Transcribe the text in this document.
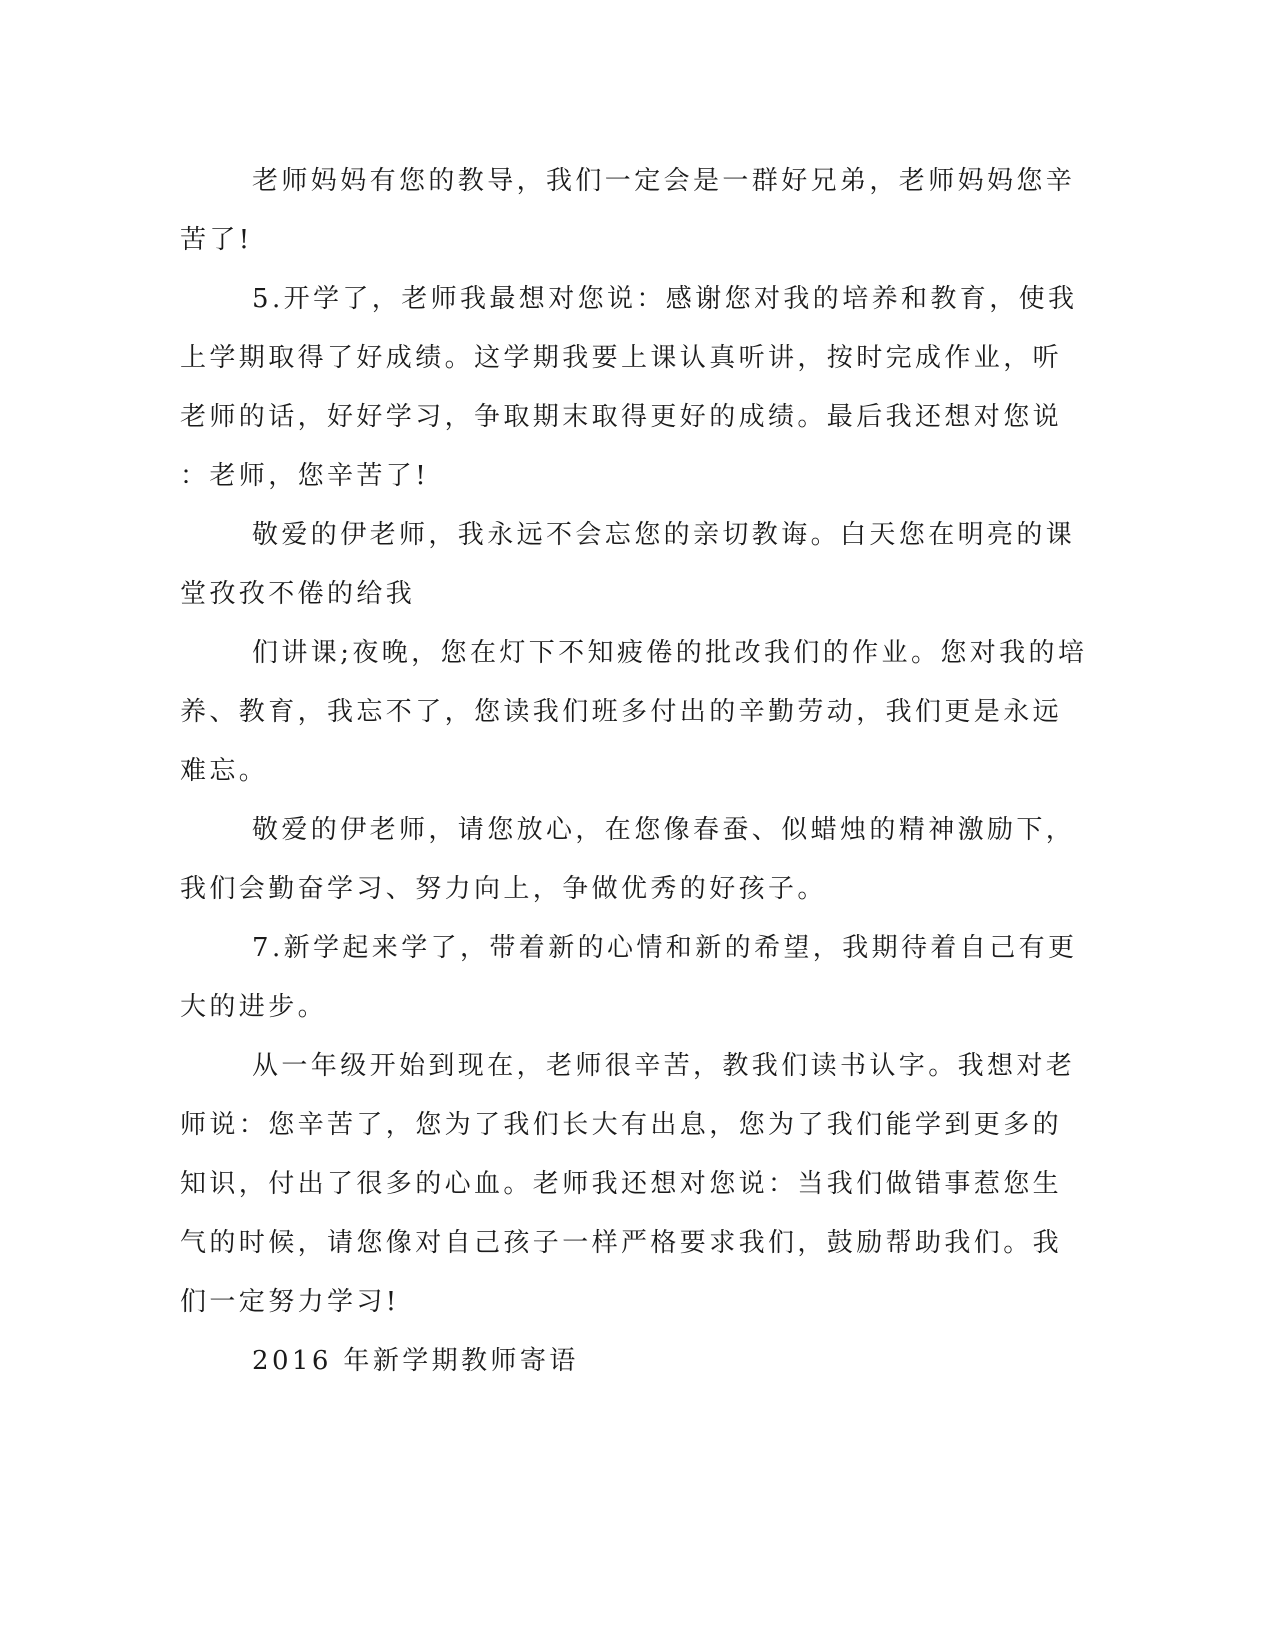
老师妈妈有您的教导，我们一定会是一群好兄弟，老师妈妈您辛
苦了!
5.开学了，老师我最想对您说：感谢您对我的培养和教育，使我
上学期取得了好成绩。这学期我要上课认真听讲，按时完成作业，听
老师的话，好好学习，争取期末取得更好的成绩。最后我还想对您说
：老师，您辛苦了!
敬爱的伊老师，我永远不会忘您的亲切教诲。白天您在明亮的课
堂孜孜不倦的给我
们讲课;夜晚，您在灯下不知疲倦的批改我们的作业。您对我的培
养、教育，我忘不了，您读我们班多付出的辛勤劳动，我们更是永远
难忘。
敬爱的伊老师，请您放心，在您像春蚕、似蜡烛的精神激励下，
我们会勤奋学习、努力向上，争做优秀的好孩子。
7.新学起来学了，带着新的心情和新的希望，我期待着自己有更
大的进步。
从一年级开始到现在，老师很辛苦，教我们读书认字。我想对老
师说：您辛苦了，您为了我们长大有出息，您为了我们能学到更多的
知识，付出了很多的心血。老师我还想对您说：当我们做错事惹您生
气的时候，请您像对自己孩子一样严格要求我们，鼓励帮助我们。我
们一定努力学习!
2016 年新学期教师寄语
